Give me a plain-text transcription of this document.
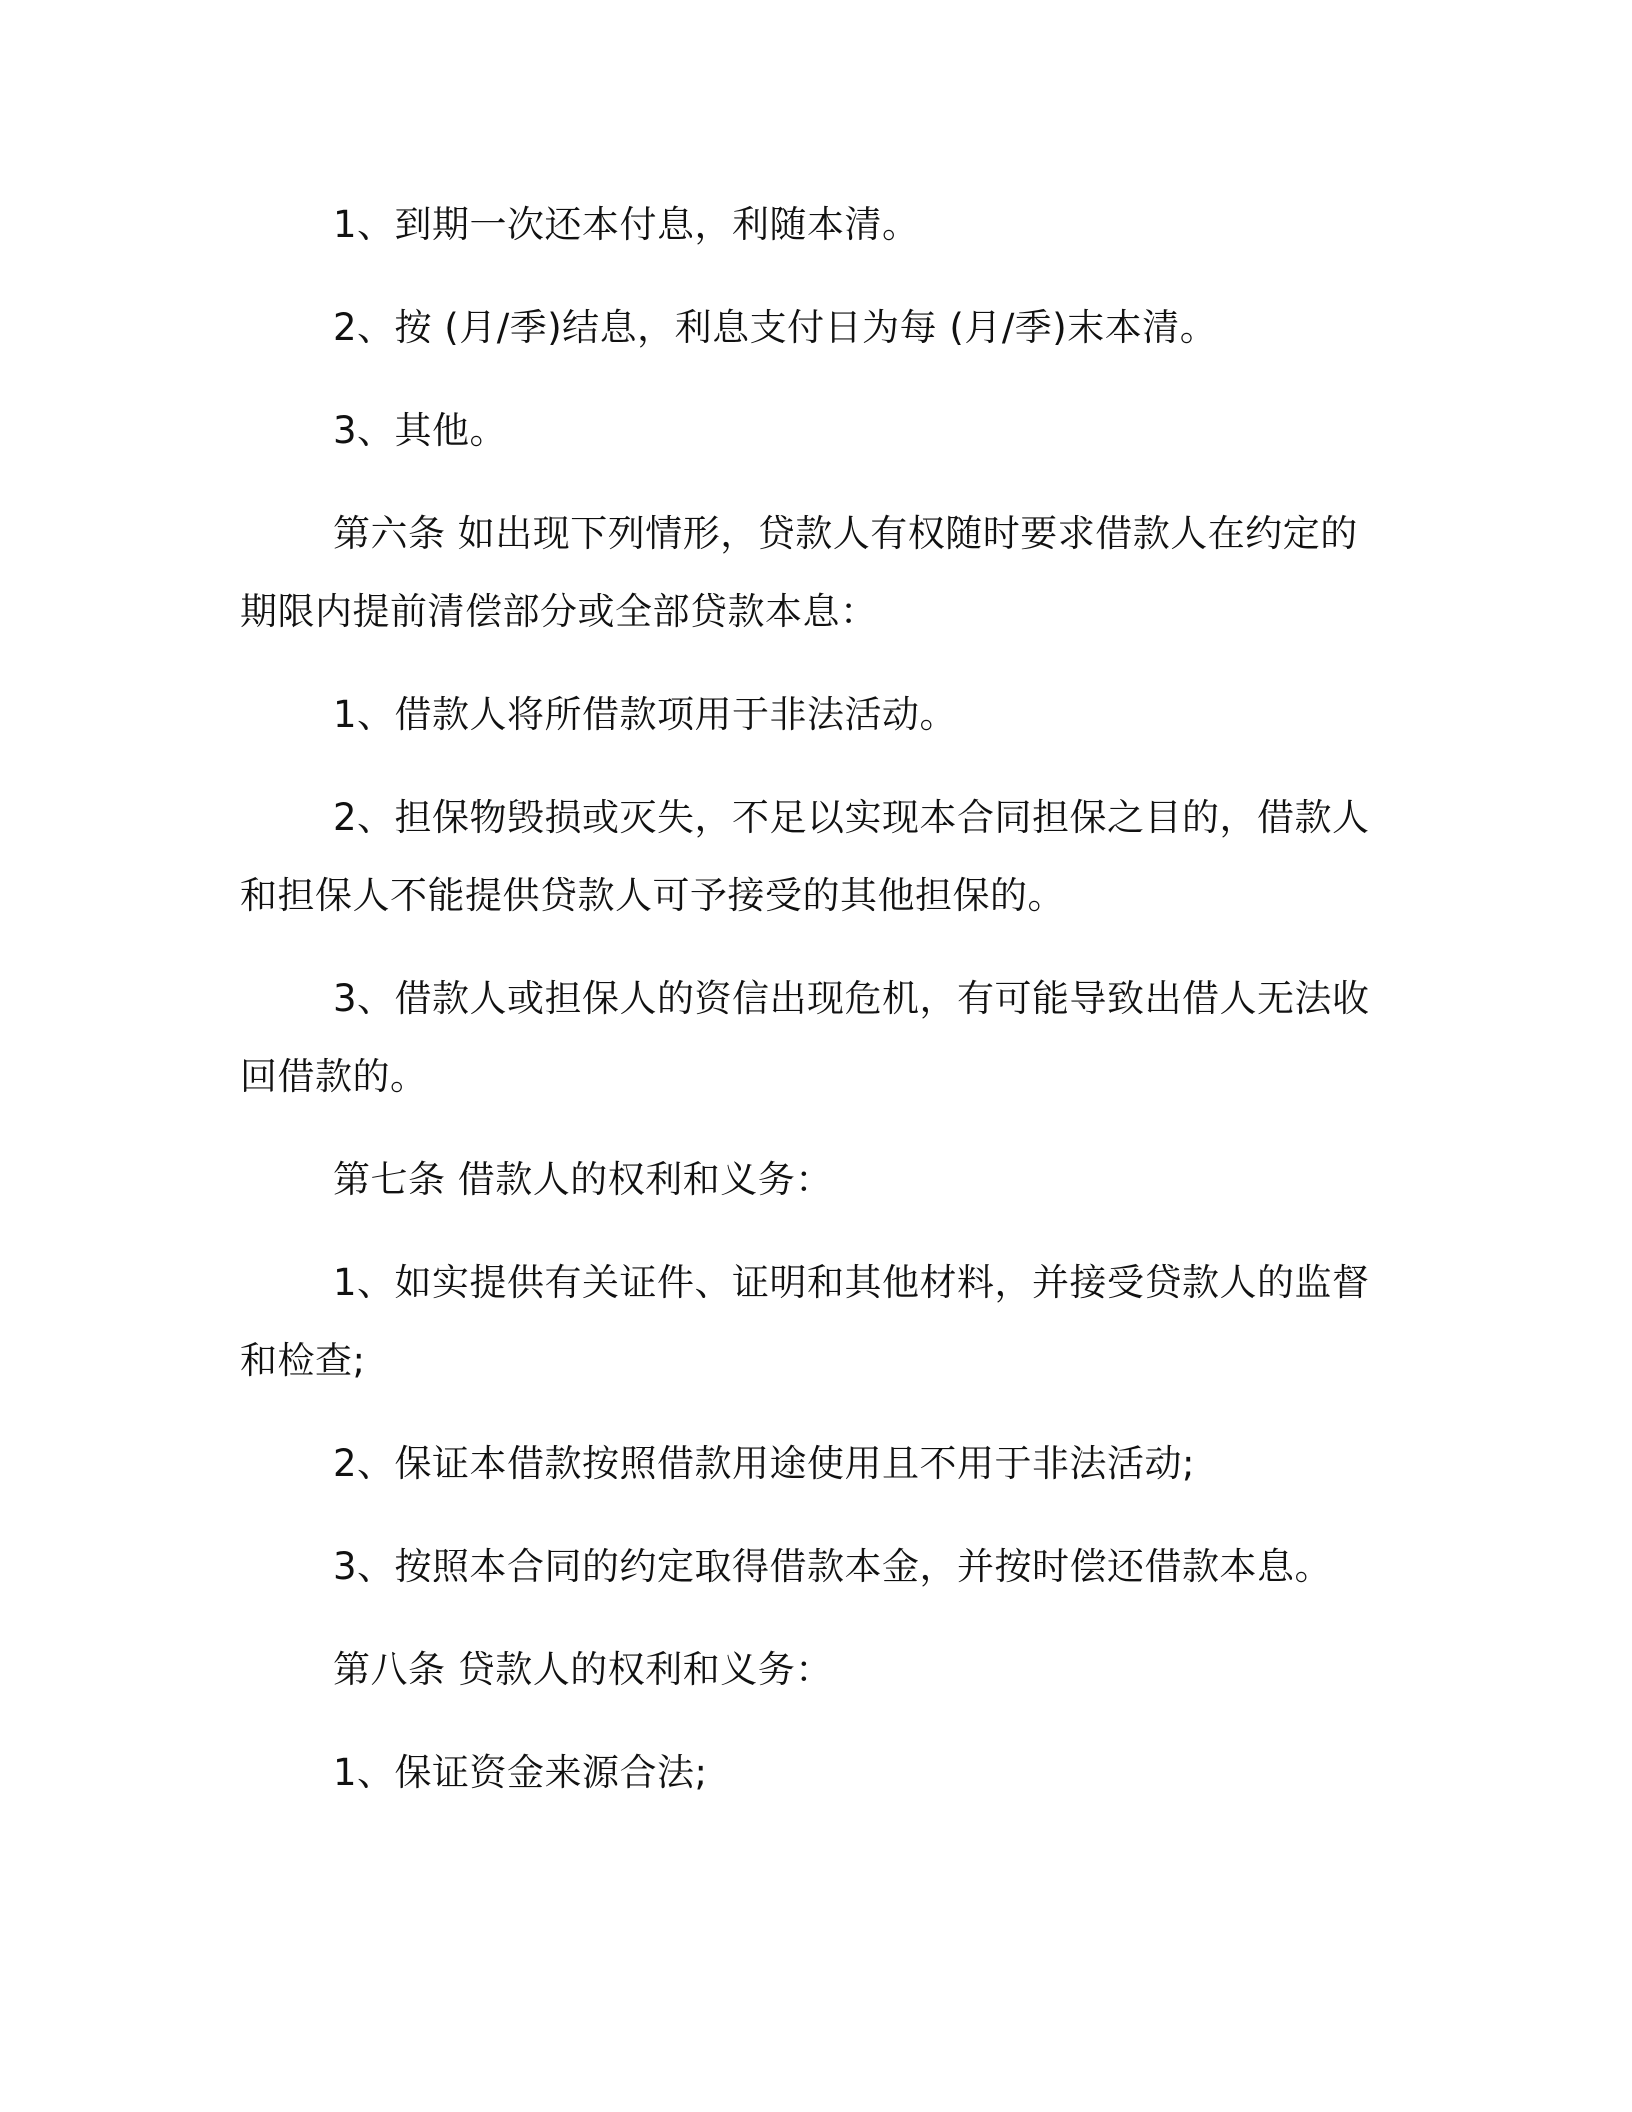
1、到期一次还本付息，利随本清。

2、按 (月/季)结息，利息支付日为每 (月/季)末本清。

3、其他。

第六条 如出现下列情形，贷款人有权随时要求借款人在约定的期限内提前清偿部分或全部贷款本息：

1、借款人将所借款项用于非法活动。

2、担保物毁损或灭失，不足以实现本合同担保之目的，借款人和担保人不能提供贷款人可予接受的其他担保的。

3、借款人或担保人的资信出现危机，有可能导致出借人无法收回借款的。

第七条 借款人的权利和义务：

1、如实提供有关证件、证明和其他材料，并接受贷款人的监督和检查;

2、保证本借款按照借款用途使用且不用于非法活动;

3、按照本合同的约定取得借款本金，并按时偿还借款本息。

第八条 贷款人的权利和义务：

1、保证资金来源合法;
